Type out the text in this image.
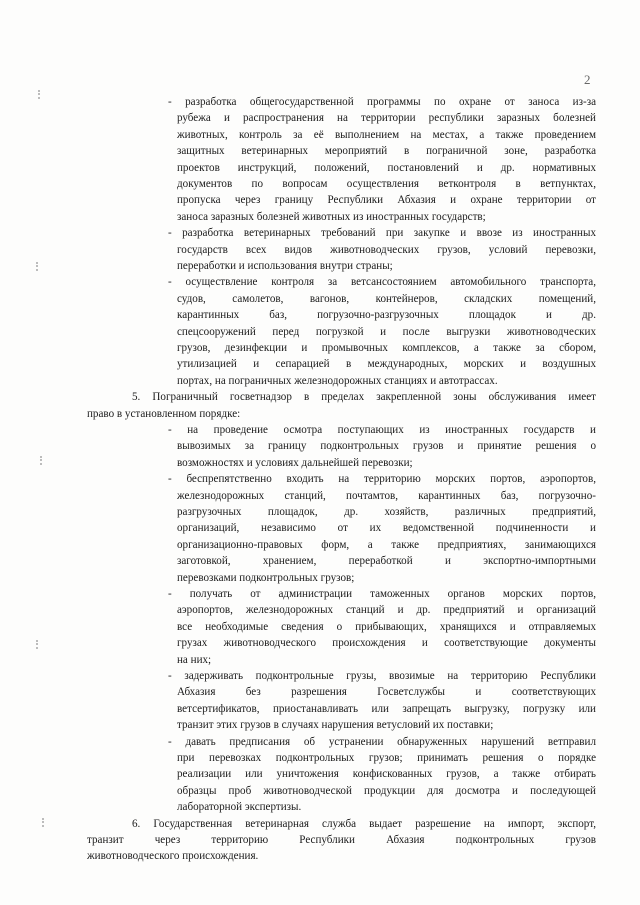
2
- разработка общегосударственной программы по охране от заноса из-за
рубежа и распространения на территории республики заразных болезней
животных, контроль за её выполнением на местах, а также проведением
защитных ветеринарных мероприятий в пограничной зоне, разработка
проектов инструкций, положений, постановлений и др. нормативных
документов по вопросам осуществления ветконтроля в ветпунктах,
пропуска через границу Республики Абхазия и охране территории от
заноса заразных болезней животных из иностранных государств;
- разработка ветеринарных требований при закупке и ввозе из иностранных
государств всех видов животноводческих грузов, условий перевозки,
переработки и использования внутри страны;
- осуществление контроля за ветсансостоянием автомобильного транспорта,
судов, самолетов, вагонов, контейнеров, складских помещений,
карантинных баз, погрузочно-разгрузочных площадок и др.
спецсооружений перед погрузкой и после выгрузки животноводческих
грузов, дезинфекции и промывочных комплексов, а также за сбором,
утилизацией и сепарацией в международных, морских и воздушных
портах, на пограничных железнодорожных станциях и автотрассах.
5. Пограничный госветнадзор в пределах закрепленной зоны обслуживания имеет
право в установленном порядке:
- на проведение осмотра поступающих из иностранных государств и
вывозимых за границу подконтрольных грузов и принятие решения о
возможностях и условиях дальнейшей перевозки;
- беспрепятственно входить на территорию морских портов, аэропортов,
железнодорожных станций, почтамтов, карантинных баз, погрузочно-
разгрузочных площадок, др. хозяйств, различных предприятий,
организаций, независимо от их ведомственной подчиненности и
организационно-правовых форм, а также предприятиях, занимающихся
заготовкой, хранением, переработкой и экспортно-импортными
перевозками подконтрольных грузов;
- получать от администрации таможенных органов морских портов,
аэропортов, железнодорожных станций и др. предприятий и организаций
все необходимые сведения о прибывающих, хранящихся и отправляемых
грузах животноводческого происхождения и соответствующие документы
на них;
- задерживать подконтрольные грузы, ввозимые на территорию Республики
Абхазия без разрешения Госветслужбы и соответствующих
ветсертификатов, приостанавливать или запрещать выгрузку, погрузку или
транзит этих грузов в случаях нарушения ветусловий их поставки;
- давать предписания об устранении обнаруженных нарушений ветправил
при перевозках подконтрольных грузов; принимать решения о порядке
реализации или уничтожения конфискованных грузов, а также отбирать
образцы проб животноводческой продукции для досмотра и последующей
лабораторной экспертизы.
6. Государственная ветеринарная служба выдает разрешение на импорт, экспорт,
транзит через территорию Республики Абхазия подконтрольных грузов
животноводческого происхождения.
